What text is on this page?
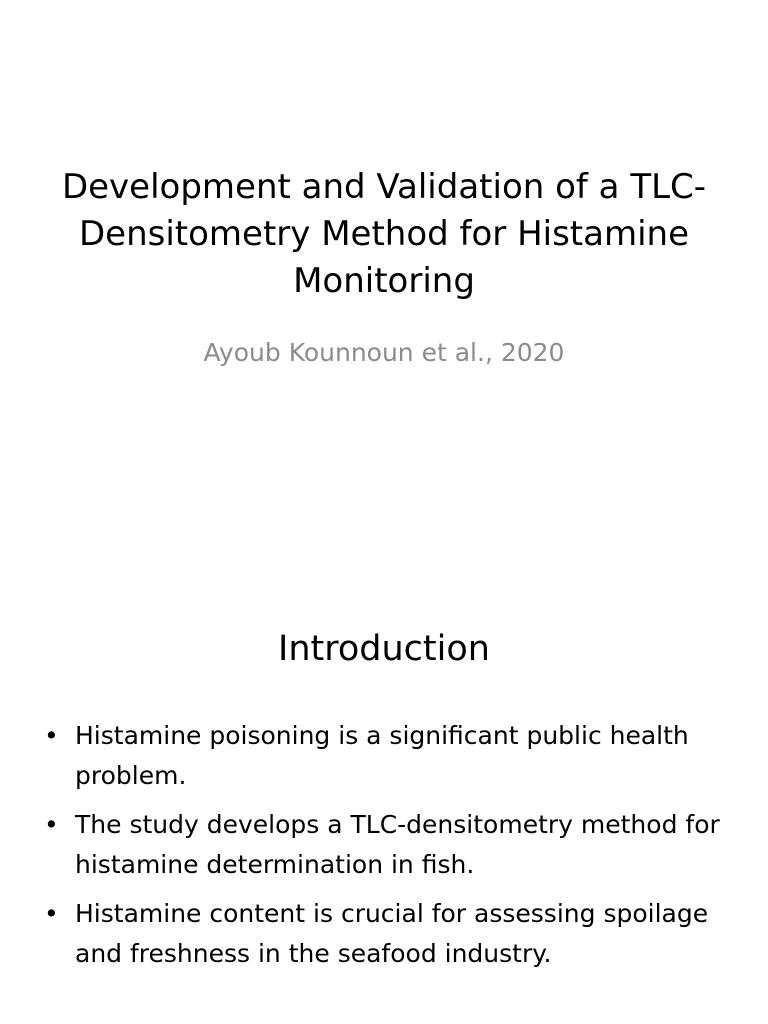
Development and Validation of a TLC-Densitometry Method for Histamine Monitoring

Ayoub Kounnoun et al., 2020

Introduction
• Histamine poisoning is a significant public health problem.
• The study develops a TLC-densitometry method for histamine determination in fish.
• Histamine content is crucial for assessing spoilage and freshness in the seafood industry.
